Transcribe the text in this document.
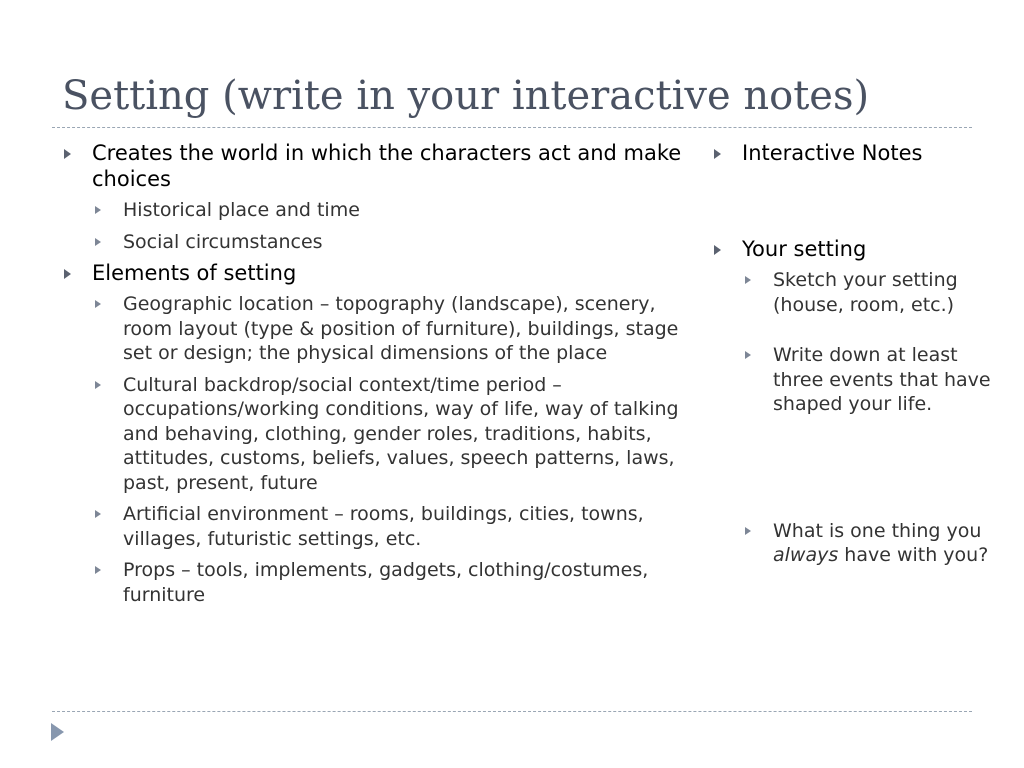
Setting (write in your interactive notes)
Creates the world in which the characters act and make choices
Historical place and time
Social circumstances
Elements of setting
Geographic location – topography (landscape), scenery, room layout (type & position of furniture), buildings, stage set or design; the physical dimensions of the place
Cultural backdrop/social context/time period – occupations/working conditions, way of life, way of talking and behaving, clothing, gender roles, traditions, habits, attitudes, customs, beliefs, values, speech patterns, laws, past, present, future
Artificial environment – rooms, buildings, cities, towns, villages, futuristic settings, etc.
Props – tools, implements, gadgets, clothing/costumes, furniture
Interactive Notes
Your setting
Sketch your setting (house, room, etc.)
Write down at least three events that have shaped your life.
What is one thing you always have with you?
